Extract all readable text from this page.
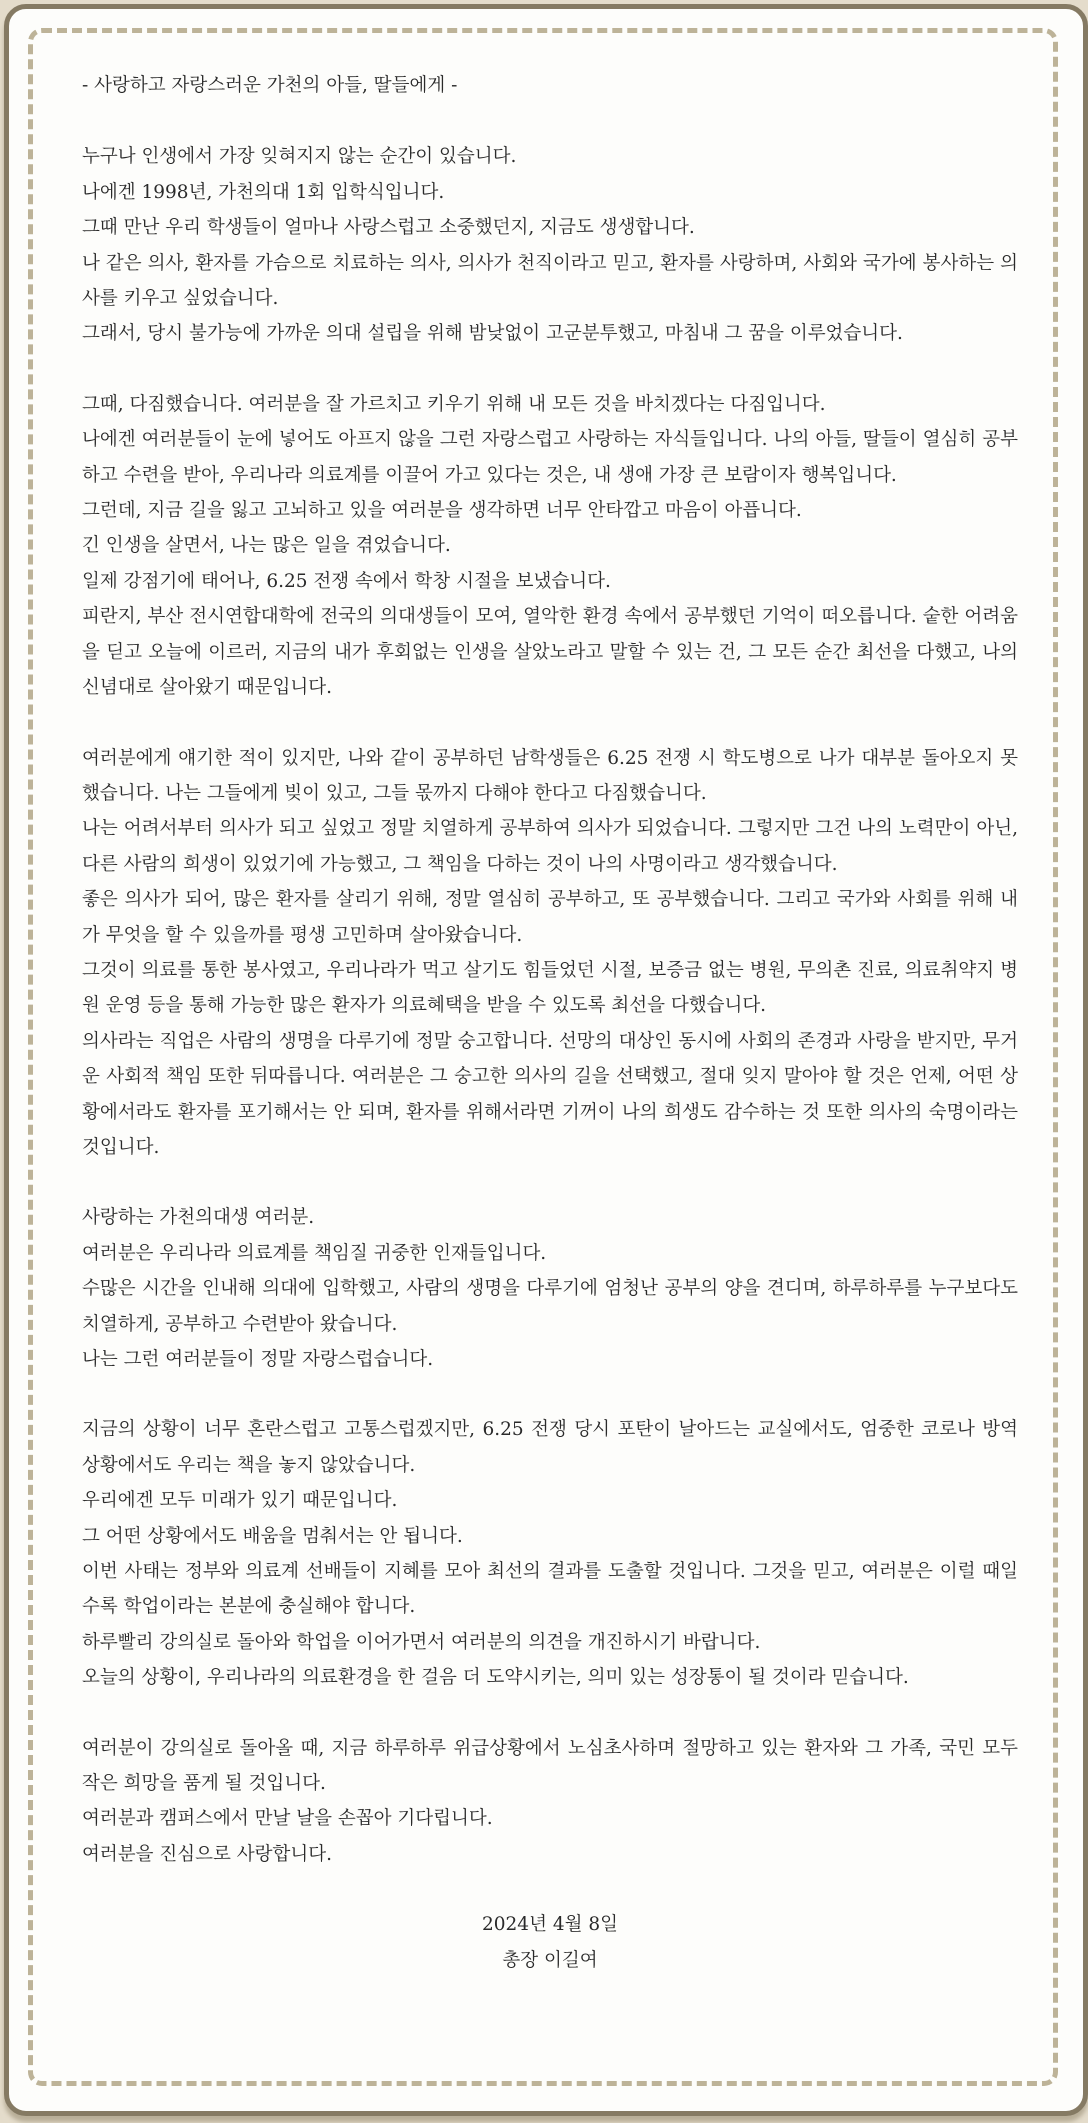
- 사랑하고 자랑스러운 가천의 아들, 딸들에게 -
누구나 인생에서 가장 잊혀지지 않는 순간이 있습니다.
나에겐 1998년, 가천의대 1회 입학식입니다.
그때 만난 우리 학생들이 얼마나 사랑스럽고 소중했던지, 지금도 생생합니다.
나 같은 의사, 환자를 가슴으로 치료하는 의사, 의사가 천직이라고 믿고, 환자를 사랑하며, 사회와 국가에 봉사하는 의사를 키우고 싶었습니다.
그래서, 당시 불가능에 가까운 의대 설립을 위해 밤낮없이 고군분투했고, 마침내 그 꿈을 이루었습니다.
그때, 다짐했습니다. 여러분을 잘 가르치고 키우기 위해 내 모든 것을 바치겠다는 다짐입니다.
나에겐 여러분들이 눈에 넣어도 아프지 않을 그런 자랑스럽고 사랑하는 자식들입니다. 나의 아들, 딸들이 열심히 공부하고 수련을 받아, 우리나라 의료계를 이끌어 가고 있다는 것은, 내 생애 가장 큰 보람이자 행복입니다.
그런데, 지금 길을 잃고 고뇌하고 있을 여러분을 생각하면 너무 안타깝고 마음이 아픕니다.
긴 인생을 살면서, 나는 많은 일을 겪었습니다.
일제 강점기에 태어나, 6.25 전쟁 속에서 학창 시절을 보냈습니다.
피란지, 부산 전시연합대학에 전국의 의대생들이 모여, 열악한 환경 속에서 공부했던 기억이 떠오릅니다. 숱한 어려움을 딛고 오늘에 이르러, 지금의 내가 후회없는 인생을 살았노라고 말할 수 있는 건, 그 모든 순간 최선을 다했고, 나의 신념대로 살아왔기 때문입니다.
여러분에게 얘기한 적이 있지만, 나와 같이 공부하던 남학생들은 6.25 전쟁 시 학도병으로 나가 대부분 돌아오지 못했습니다. 나는 그들에게 빚이 있고, 그들 몫까지 다해야 한다고 다짐했습니다.
나는 어려서부터 의사가 되고 싶었고 정말 치열하게 공부하여 의사가 되었습니다. 그렇지만 그건 나의 노력만이 아닌, 다른 사람의 희생이 있었기에 가능했고, 그 책임을 다하는 것이 나의 사명이라고 생각했습니다.
좋은 의사가 되어, 많은 환자를 살리기 위해, 정말 열심히 공부하고, 또 공부했습니다. 그리고 국가와 사회를 위해 내가 무엇을 할 수 있을까를 평생 고민하며 살아왔습니다.
그것이 의료를 통한 봉사였고, 우리나라가 먹고 살기도 힘들었던 시절, 보증금 없는 병원, 무의촌 진료, 의료취약지 병원 운영 등을 통해 가능한 많은 환자가 의료혜택을 받을 수 있도록 최선을 다했습니다.
의사라는 직업은 사람의 생명을 다루기에 정말 숭고합니다. 선망의 대상인 동시에 사회의 존경과 사랑을 받지만, 무거운 사회적 책임 또한 뒤따릅니다. 여러분은 그 숭고한 의사의 길을 선택했고, 절대 잊지 말아야 할 것은 언제, 어떤 상황에서라도 환자를 포기해서는 안 되며, 환자를 위해서라면 기꺼이 나의 희생도 감수하는 것 또한 의사의 숙명이라는 것입니다.
사랑하는 가천의대생 여러분.
여러분은 우리나라 의료계를 책임질 귀중한 인재들입니다.
수많은 시간을 인내해 의대에 입학했고, 사람의 생명을 다루기에 엄청난 공부의 양을 견디며, 하루하루를 누구보다도 치열하게, 공부하고 수련받아 왔습니다.
나는 그런 여러분들이 정말 자랑스럽습니다.
지금의 상황이 너무 혼란스럽고 고통스럽겠지만, 6.25 전쟁 당시 포탄이 날아드는 교실에서도, 엄중한 코로나 방역 상황에서도 우리는 책을 놓지 않았습니다.
우리에겐 모두 미래가 있기 때문입니다.
그 어떤 상황에서도 배움을 멈춰서는 안 됩니다.
이번 사태는 정부와 의료계 선배들이 지혜를 모아 최선의 결과를 도출할 것입니다. 그것을 믿고, 여러분은 이럴 때일수록 학업이라는 본분에 충실해야 합니다.
하루빨리 강의실로 돌아와 학업을 이어가면서 여러분의 의견을 개진하시기 바랍니다.
오늘의 상황이, 우리나라의 의료환경을 한 걸음 더 도약시키는, 의미 있는 성장통이 될 것이라 믿습니다.
여러분이 강의실로 돌아올 때, 지금 하루하루 위급상황에서 노심초사하며 절망하고 있는 환자와 그 가족, 국민 모두 작은 희망을 품게 될 것입니다.
여러분과 캠퍼스에서 만날 날을 손꼽아 기다립니다.
여러분을 진심으로 사랑합니다.
2024년 4월 8일
총장 이길여
